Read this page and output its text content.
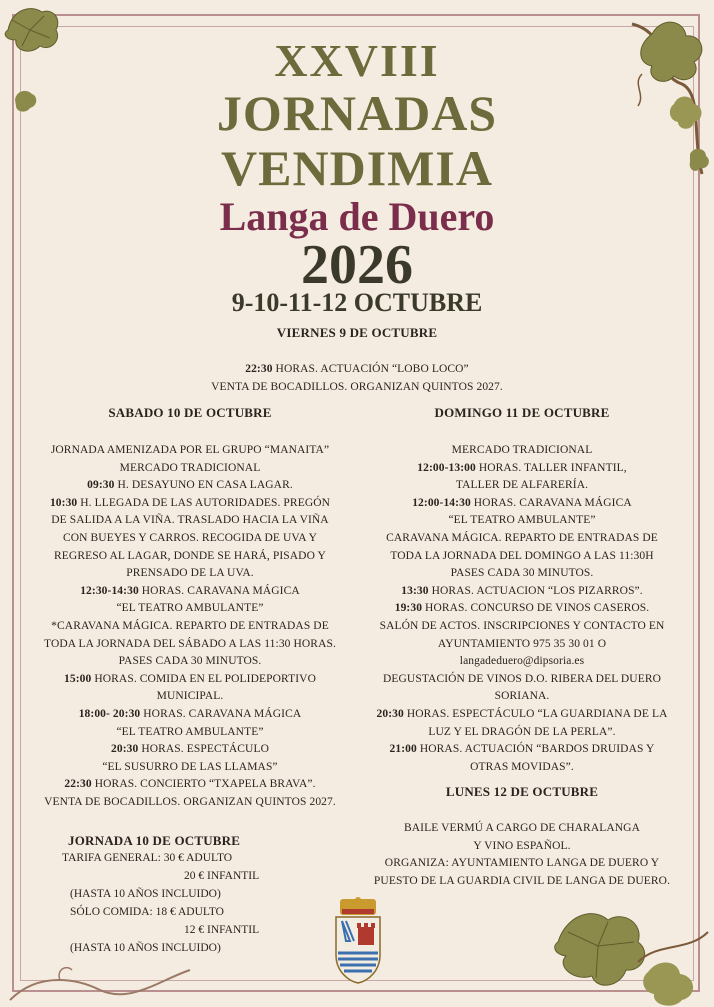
XXVIII
JORNADAS
VENDIMIA
Langa de Duero
2026
9-10-11-12 OCTUBRE
VIERNES 9 DE OCTUBRE
22:30 HORAS. ACTUACIÓN “LOBO LOCO”
VENTA DE BOCADILLOS. ORGANIZAN QUINTOS 2027.
SABADO 10 DE OCTUBRE
JORNADA AMENIZADA POR EL GRUPO “MANAITA”
MERCADO TRADICIONAL
09:30 H. DESAYUNO EN CASA LAGAR.
10:30 H. LLEGADA DE LAS AUTORIDADES. PREGÓN
DE SALIDA A LA VIÑA. TRASLADO HACIA LA VIÑA
CON BUEYES Y CARROS. RECOGIDA DE UVA Y
REGRESO AL LAGAR, DONDE SE HARÁ, PISADO Y
PRENSADO DE LA UVA.
12:30-14:30 HORAS. CARAVANA MÁGICA
“EL TEATRO AMBULANTE”
*CARAVANA MÁGICA. REPARTO DE ENTRADAS DE
TODA LA JORNADA DEL SÁBADO A LAS 11:30 HORAS.
PASES CADA 30 MINUTOS.
15:00 HORAS. COMIDA EN EL POLIDEPORTIVO
MUNICIPAL.
18:00- 20:30 HORAS. CARAVANA MÁGICA
“EL TEATRO AMBULANTE”
20:30 HORAS. ESPECTÁCULO
“EL SUSURRO DE LAS LLAMAS”
22:30 HORAS. CONCIERTO “TXAPELA BRAVA”.
VENTA DE BOCADILLOS. ORGANIZAN QUINTOS 2027.
DOMINGO 11 DE OCTUBRE
MERCADO TRADICIONAL
12:00-13:00 HORAS. TALLER INFANTIL,
TALLER DE ALFARERÍA.
12:00-14:30 HORAS. CARAVANA MÁGICA
“EL TEATRO AMBULANTE”
CARAVANA MÁGICA. REPARTO DE ENTRADAS DE
TODA LA JORNADA DEL DOMINGO A LAS 11:30H
PASES CADA 30 MINUTOS.
13:30 HORAS. ACTUACION “LOS PIZARROS”.
19:30 HORAS. CONCURSO DE VINOS CASEROS.
SALÓN DE ACTOS. INSCRIPCIONES Y CONTACTO EN
AYUNTAMIENTO 975 35 30 01 O
langadeduero@dipsoria.es
DEGUSTACIÓN DE VINOS D.O. RIBERA DEL DUERO
SORIANA.
20:30 HORAS. ESPECTÁCULO “LA GUARDIANA DE LA
LUZ Y EL DRAGÓN DE LA PERLA”.
21:00 HORAS. ACTUACIÓN “BARDOS DRUIDAS Y
OTRAS MOVIDAS”.
LUNES 12 DE OCTUBRE
BAILE VERMÚ A CARGO DE CHARALANGA
Y VINO ESPAÑOL.
ORGANIZA: AYUNTAMIENTO LANGA DE DUERO Y
PUESTO DE LA GUARDIA CIVIL DE LANGA DE DUERO.
JORNADA 10 DE OCTUBRE
TARIFA GENERAL: 30 € ADULTO
20 € INFANTIL
(HASTA 10 AÑOS INCLUIDO)
SÓLO COMIDA: 18 € ADULTO
12 € INFANTIL
(HASTA 10 AÑOS INCLUIDO)
